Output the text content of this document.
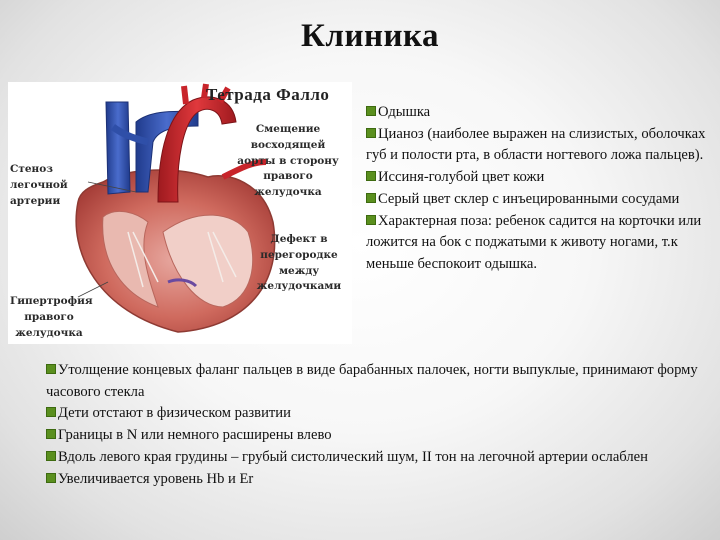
Клиника
Тетрада Фалло
Смещение восходящей аорты в сторону правого желудочка
Стеноз легочной артерии
Дефект в перегородке между желудочками
Гипертрофия правого желудочка

Одышка

Цианоз (наиболее выражен на слизистых, оболочках губ и полости рта, в области ногтевого ложа пальцев).

Иссиня-голубой цвет кожи

Серый цвет склер с инъецированными сосудами

Характерная поза: ребенок садится на корточки или ложится на бок с поджатыми к животу ногами, т.к меньше беспокоит одышка.

Утолщение концевых фаланг пальцев в виде барабанных палочек, ногти выпуклые, принимают форму часового стекла

Дети отстают в физическом развитии

Границы в N или немного расширены влево

Вдоль левого края грудины – грубый систолический шум, II тон на легочной артерии ослаблен

Увеличивается уровень Hb и Er
